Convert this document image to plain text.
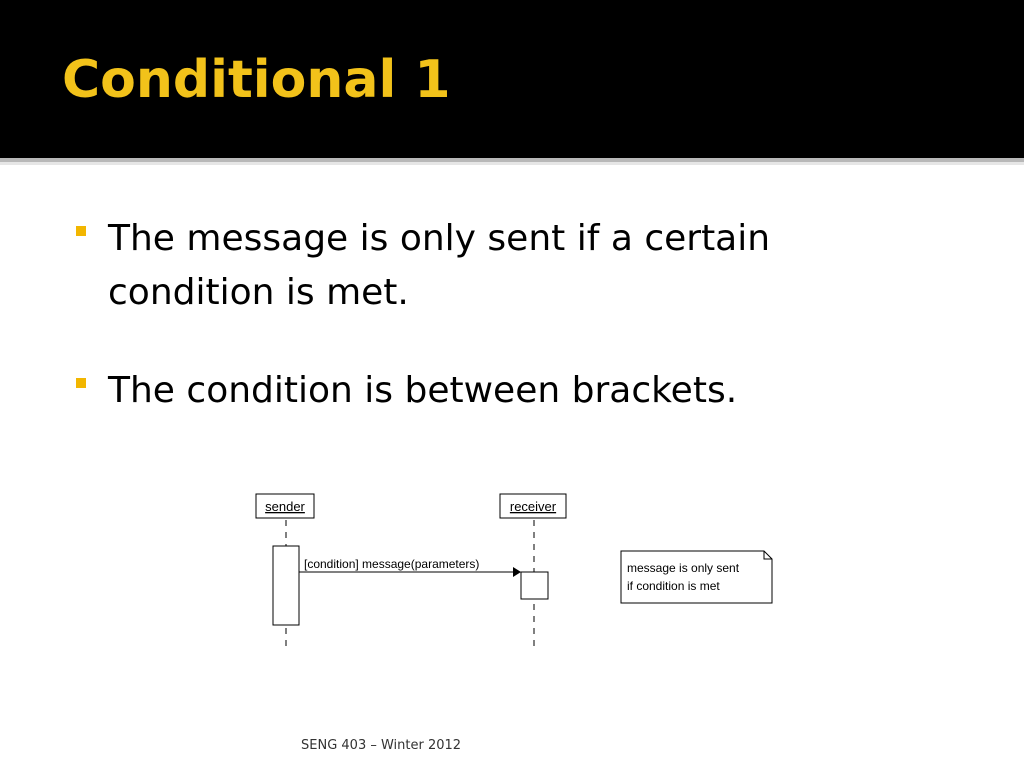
Conditional 1
The message is only sent if a certain condition is met.
The condition is between brackets.
sender	receiver
[condition] message(parameters)	message is only sent
if condition is met
SENG 403 – Winter 2012
